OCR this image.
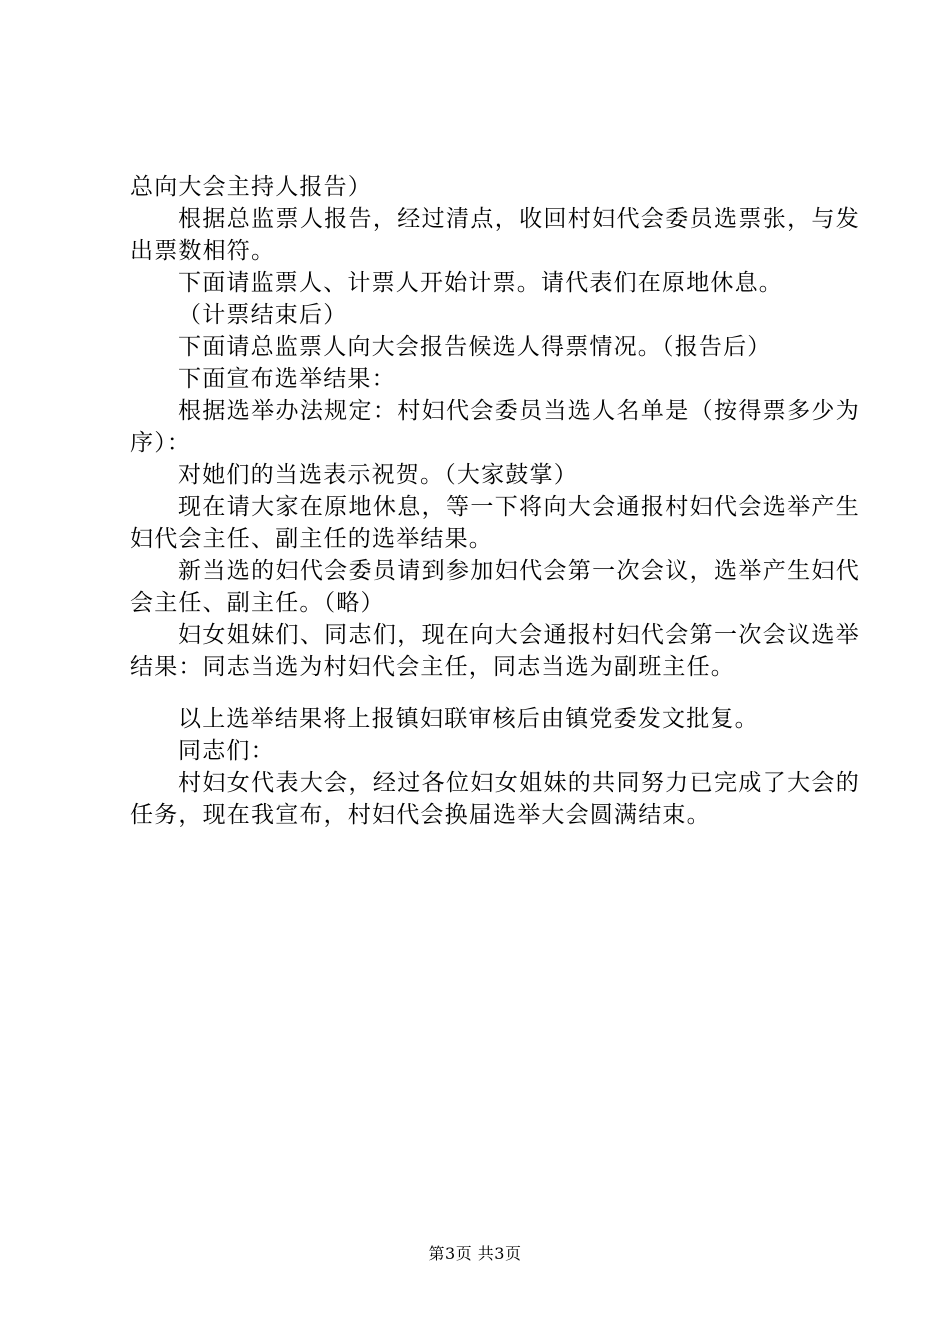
总向大会主持人报告）

根据总监票人报告，经过清点，收回村妇代会委员选票张，与发出票数相符。

下面请监票人、计票人开始计票。请代表们在原地休息。

（计票结束后）

下面请总监票人向大会报告候选人得票情况。（报告后）

下面宣布选举结果：

根据选举办法规定：村妇代会委员当选人名单是（按得票多少为序）：

对她们的当选表示祝贺。（大家鼓掌）

现在请大家在原地休息，等一下将向大会通报村妇代会选举产生妇代会主任、副主任的选举结果。

新当选的妇代会委员请到参加妇代会第一次会议，选举产生妇代会主任、副主任。（略）

妇女姐妹们、同志们，现在向大会通报村妇代会第一次会议选举结果：同志当选为村妇代会主任，同志当选为副班主任。

以上选举结果将上报镇妇联审核后由镇党委发文批复。

同志们：

村妇女代表大会，经过各位妇女姐妹的共同努力已完成了大会的任务，现在我宣布，村妇代会换届选举大会圆满结束。

第3页 共3页
